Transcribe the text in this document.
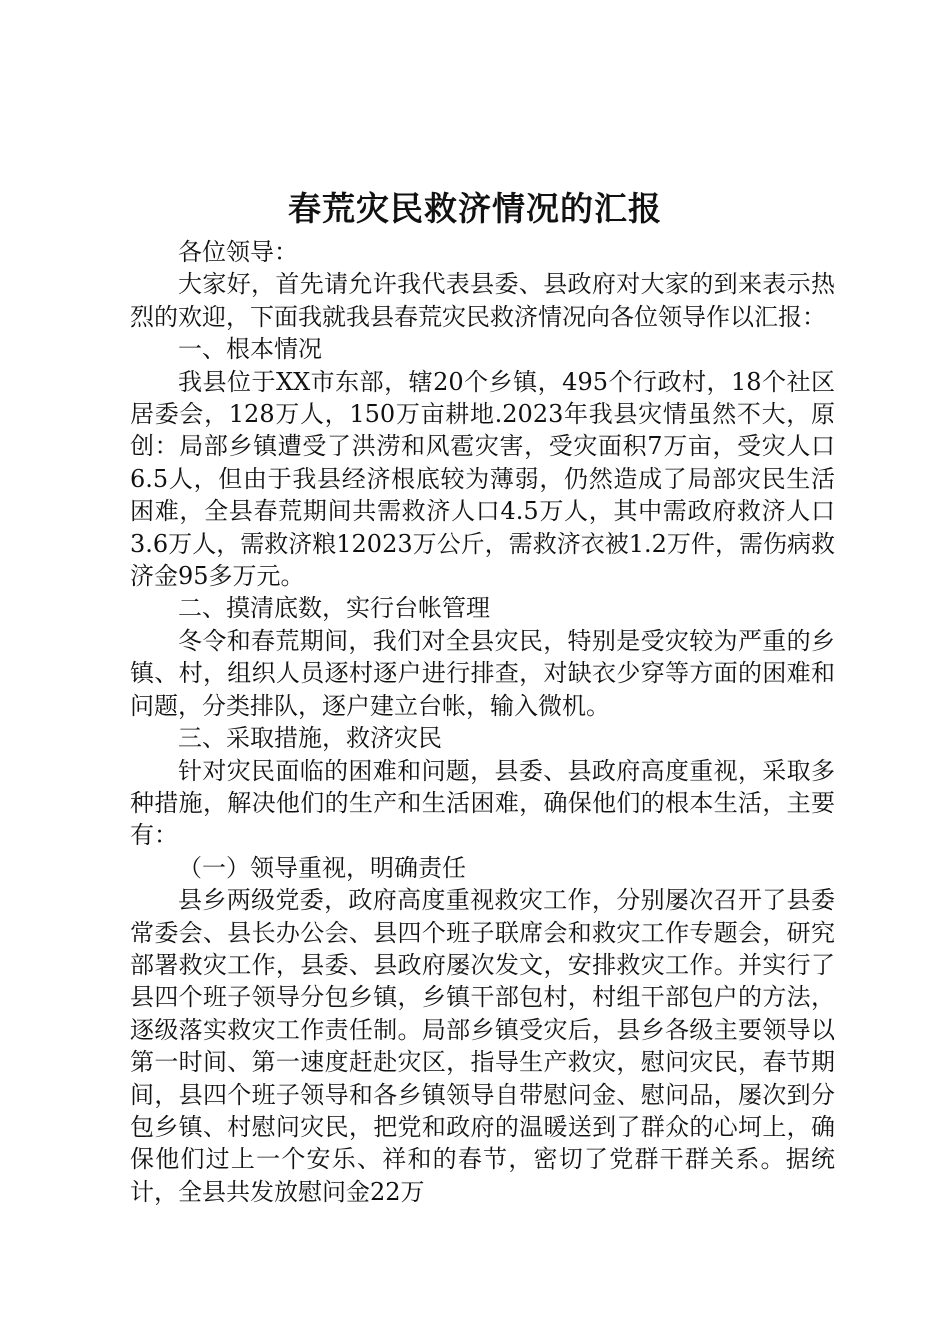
春荒灾民救济情况的汇报

各位领导：

大家好，首先请允许我代表县委、县政府对大家的到来表示热烈的欢迎，下面我就我县春荒灾民救济情况向各位领导作以汇报：

一、根本情况

我县位于XX市东部，辖20个乡镇，495个行政村，18个社区居委会，128万人，150万亩耕地.2023年我县灾情虽然不大，原创：局部乡镇遭受了洪涝和风雹灾害，受灾面积7万亩，受灾人口6.5人，但由于我县经济根底较为薄弱，仍然造成了局部灾民生活困难，全县春荒期间共需救济人口4.5万人，其中需政府救济人口3.6万人，需救济粮12023万公斤，需救济衣被1.2万件，需伤病救济金95多万元。

二、摸清底数，实行台帐管理

冬令和春荒期间，我们对全县灾民，特别是受灾较为严重的乡镇、村，组织人员逐村逐户进行排查，对缺衣少穿等方面的困难和问题，分类排队，逐户建立台帐，输入微机。

三、采取措施，救济灾民

针对灾民面临的困难和问题，县委、县政府高度重视，采取多种措施，解决他们的生产和生活困难，确保他们的根本生活，主要有：

（一）领导重视，明确责任

县乡两级党委，政府高度重视救灾工作，分别屡次召开了县委常委会、县长办公会、县四个班子联席会和救灾工作专题会，研究部署救灾工作，县委、县政府屡次发文，安排救灾工作。并实行了县四个班子领导分包乡镇，乡镇干部包村，村组干部包户的方法，逐级落实救灾工作责任制。局部乡镇受灾后，县乡各级主要领导以第一时间、第一速度赶赴灾区，指导生产救灾，慰问灾民，春节期间，县四个班子领导和各乡镇领导自带慰问金、慰问品，屡次到分包乡镇、村慰问灾民，把党和政府的温暖送到了群众的心坷上，确保他们过上一个安乐、祥和的春节，密切了党群干群关系。据统计，全县共发放慰问金22万
